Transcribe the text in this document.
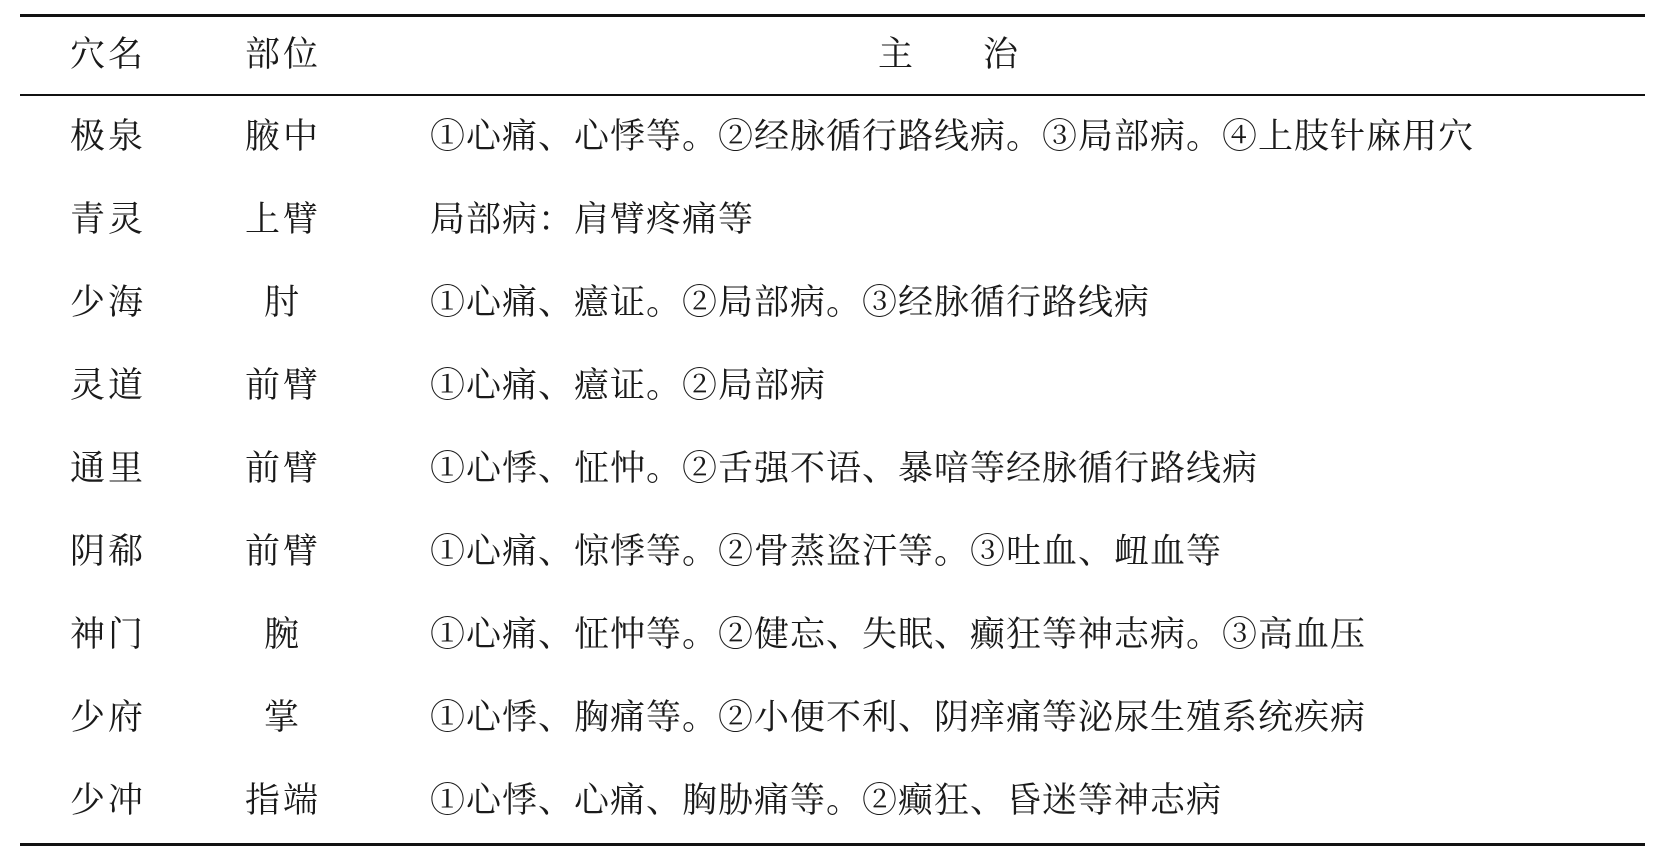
穴名	部位	主治
极泉	腋中	①心痛、心悸等。②经脉循行路线病。③局部病。④上肢针麻用穴
青灵	上臂	局部病：肩臂疼痛等
少海	肘	①心痛、癔证。②局部病。③经脉循行路线病
灵道	前臂	①心痛、癔证。②局部病
通里	前臂	①心悸、怔忡。②舌强不语、暴喑等经脉循行路线病
阴郗	前臂	①心痛、惊悸等。②骨蒸盗汗等。③吐血、衄血等
神门	腕	①心痛、怔忡等。②健忘、失眠、癫狂等神志病。③高血压
少府	掌	①心悸、胸痛等。②小便不利、阴痒痛等泌尿生殖系统疾病
少冲	指端	①心悸、心痛、胸胁痛等。②癫狂、昏迷等神志病
